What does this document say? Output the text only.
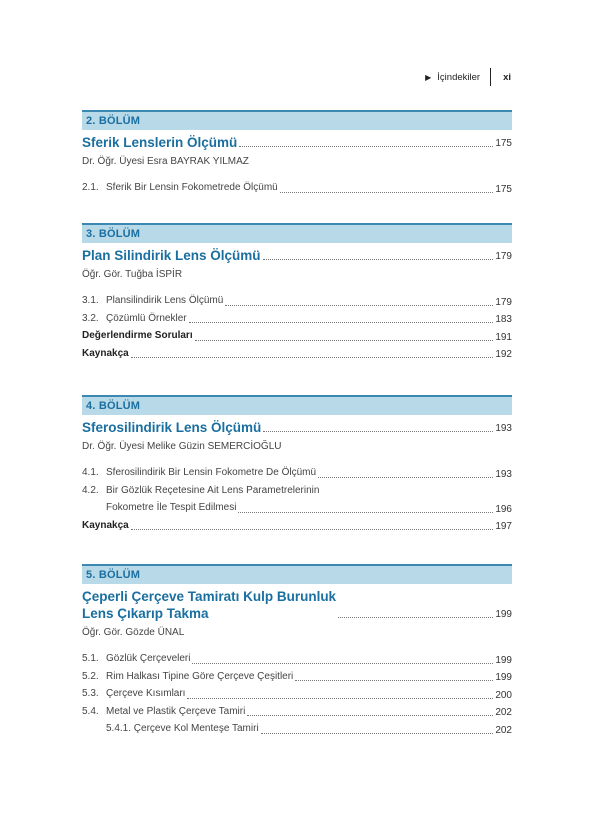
▶ İçindekiler xi
2. BÖLÜM
Sferik Lenslerin Ölçümü	175
Dr. Öğr. Üyesi Esra BAYRAK YILMAZ
2.1. Sferik Bir Lensin Fokometrede Ölçümü	175
3. BÖLÜM
Plan Silindirik Lens Ölçümü	179
Öğr. Gör. Tuğba İSPİR
3.1. Plansilindirik Lens Ölçümü	179
3.2. Çözümlü Örnekler	183
Değerlendirme Soruları	191
Kaynakça	192
4. BÖLÜM
Sferosilindirik Lens Ölçümü	193
Dr. Öğr. Üyesi Melike Güzin SEMERCİOĞLU
4.1. Sferosilindirik Bir Lensin Fokometre De Ölçümü	193
4.2. Bir Gözlük Reçetesine Ait Lens Parametrelerinin
Fokometre İle Tespit Edilmesi	196
Kaynakça	197
5. BÖLÜM
Çeperli Çerçeve Tamiratı Kulp Burunluk
Lens Çıkarıp Takma	199
Öğr. Gör. Gözde ÜNAL
5.1. Gözlük Çerçeveleri	199
5.2. Rim Halkası Tipine Göre Çerçeve Çeşitleri	199
5.3. Çerçeve Kısımları	200
5.4. Metal ve Plastik Çerçeve Tamiri	202
5.4.1. Çerçeve Kol Menteşe Tamiri	202
